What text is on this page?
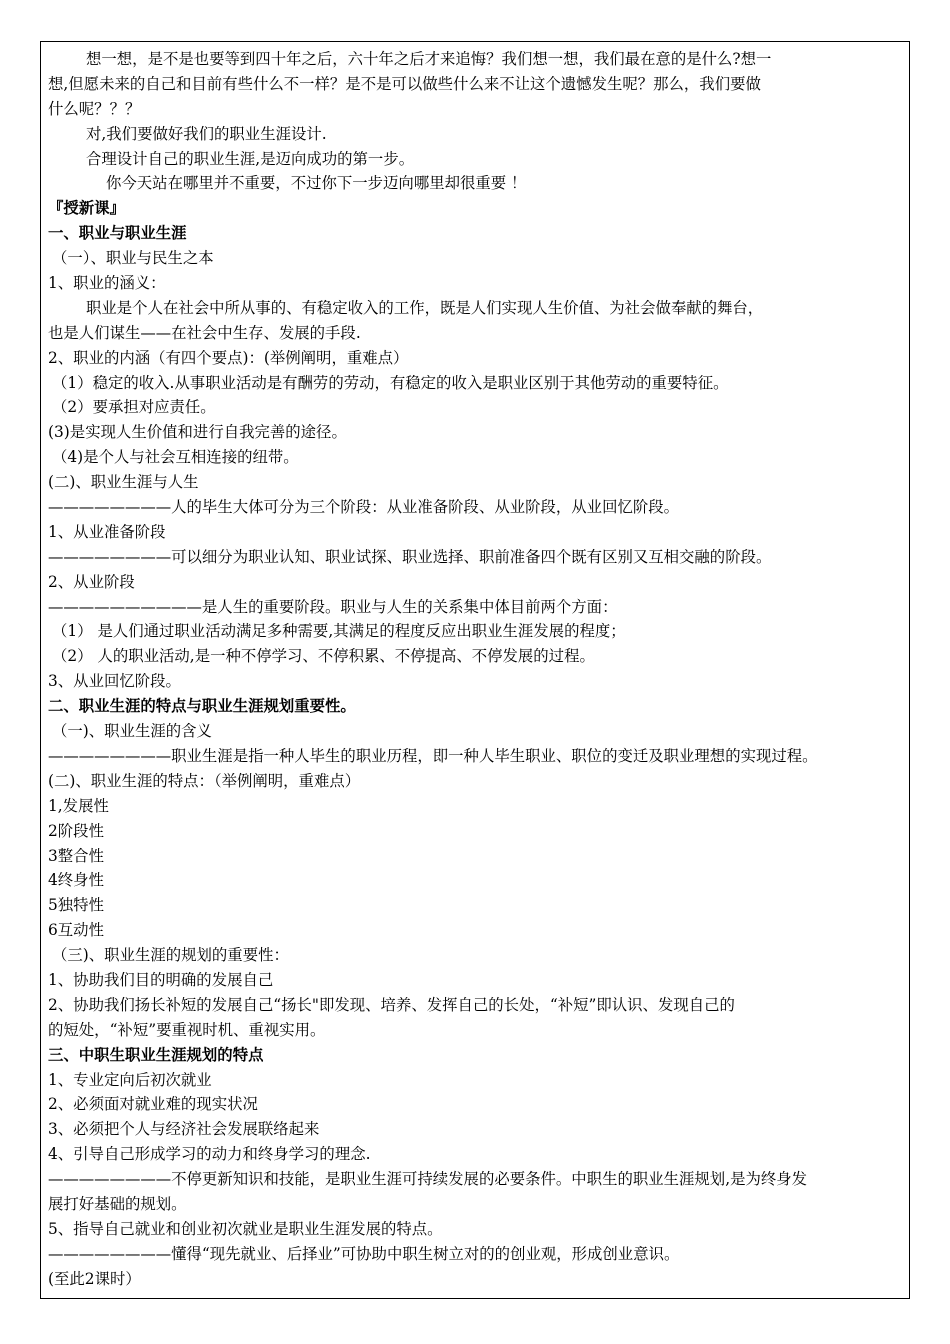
想一想，是不是也要等到四十年之后，六十年之后才来追悔？我们想一想，我们最在意的是什么?想一
想,但愿未来的自己和目前有些什么不一样？是不是可以做些什么来不让这个遗憾发生呢？那么，我们要做
什么呢？？？
对,我们要做好我们的职业生涯设计.
合理设计自己的职业生涯,是迈向成功的第一步。
你今天站在哪里并不重要，不过你下一步迈向哪里却很重要 ！
『授新课』
一、职业与职业生涯
（一）、职业与民生之本
1、职业的涵义：
职业是个人在社会中所从事的、有稳定收入的工作，既是人们实现人生价值、为社会做奉献的舞台，
也是人们谋生——在社会中生存、发展的手段.
2、职业的内涵（有四个要点)：(举例阐明，重难点）
（1）稳定的收入.从事职业活动是有酬劳的劳动，有稳定的收入是职业区别于其他劳动的重要特征。
（2）要承担对应责任。
(3)是实现人生价值和进行自我完善的途径。
（4)是个人与社会互相连接的纽带。
(二)、职业生涯与人生
————————人的毕生大体可分为三个阶段：从业准备阶段、从业阶段，从业回忆阶段。
1、从业准备阶段
————————可以细分为职业认知、职业试探、职业选择、职前准备四个既有区别又互相交融的阶段。
2、从业阶段
——————————是人生的重要阶段。职业与人生的关系集中体目前两个方面：
（1） 是人们通过职业活动满足多种需要,其满足的程度反应出职业生涯发展的程度；
（2） 人的职业活动,是一种不停学习、不停积累、不停提高、不停发展的过程。
3、从业回忆阶段。
二、职业生涯的特点与职业生涯规划重要性。
（一)、职业生涯的含义
————————职业生涯是指一种人毕生的职业历程，即一种人毕生职业、职位的变迁及职业理想的实现过程。
(二)、职业生涯的特点：（举例阐明，重难点）
1,发展性
2阶段性
3整合性
4终身性
5独特性
6互动性
（三)、职业生涯的规划的重要性：
1、协助我们目的明确的发展自己
2、协助我们扬长补短的发展自己“扬长"即发现、培养、发挥自己的长处，“补短”即认识、发现自己的
的短处，“补短”要重视时机、重视实用。
三、中职生职业生涯规划的特点
1、专业定向后初次就业
2、必须面对就业难的现实状况
3、必须把个人与经济社会发展联络起来
4、引导自己形成学习的动力和终身学习的理念.
————————不停更新知识和技能，是职业生涯可持续发展的必要条件。中职生的职业生涯规划,是为终身发
展打好基础的规划。
5、指导自己就业和创业初次就业是职业生涯发展的特点。
————————懂得“现先就业、后择业”可协助中职生树立对的的创业观，形成创业意识。
(至此2课时）
